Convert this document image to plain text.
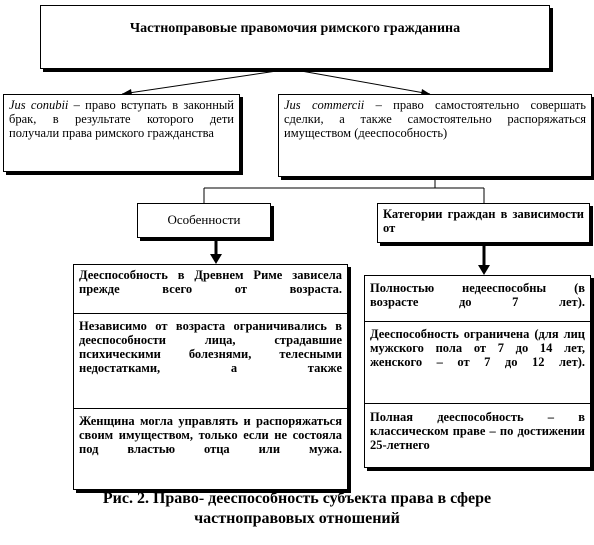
Частноправовые правомочия римского гражданина
Jus conubii – право вступать в законный брак, в результате которого дети получали права римского гражданства
Jus commercii – право самостоятельно совершать сделки, а также самостоятельно распоряжаться имуществом (дееспособность)
Особенности	Категории граждан в зависимости от
Дееспособность в Древнем Риме зависела прежде всего от возраста.
Независимо от возраста ограничивались в дееспособности лица, страдавшие психическими болезнями, телесными недостатками, а также
Женщина могла управлять и распоряжаться своим имуществом, только если не состояла под властью отца или мужа.
Полностью недееспособны (в возрасте до 7 лет).
Дееспособность ограничена (для лиц мужского пола от 7 до 14 лет, женского – от 7 до 12 лет).
Полная дееспособность – в классическом праве – по достижении 25-летнего
Рис. 2. Право- дееспособность субъекта права в сфере
частноправовых отношений
